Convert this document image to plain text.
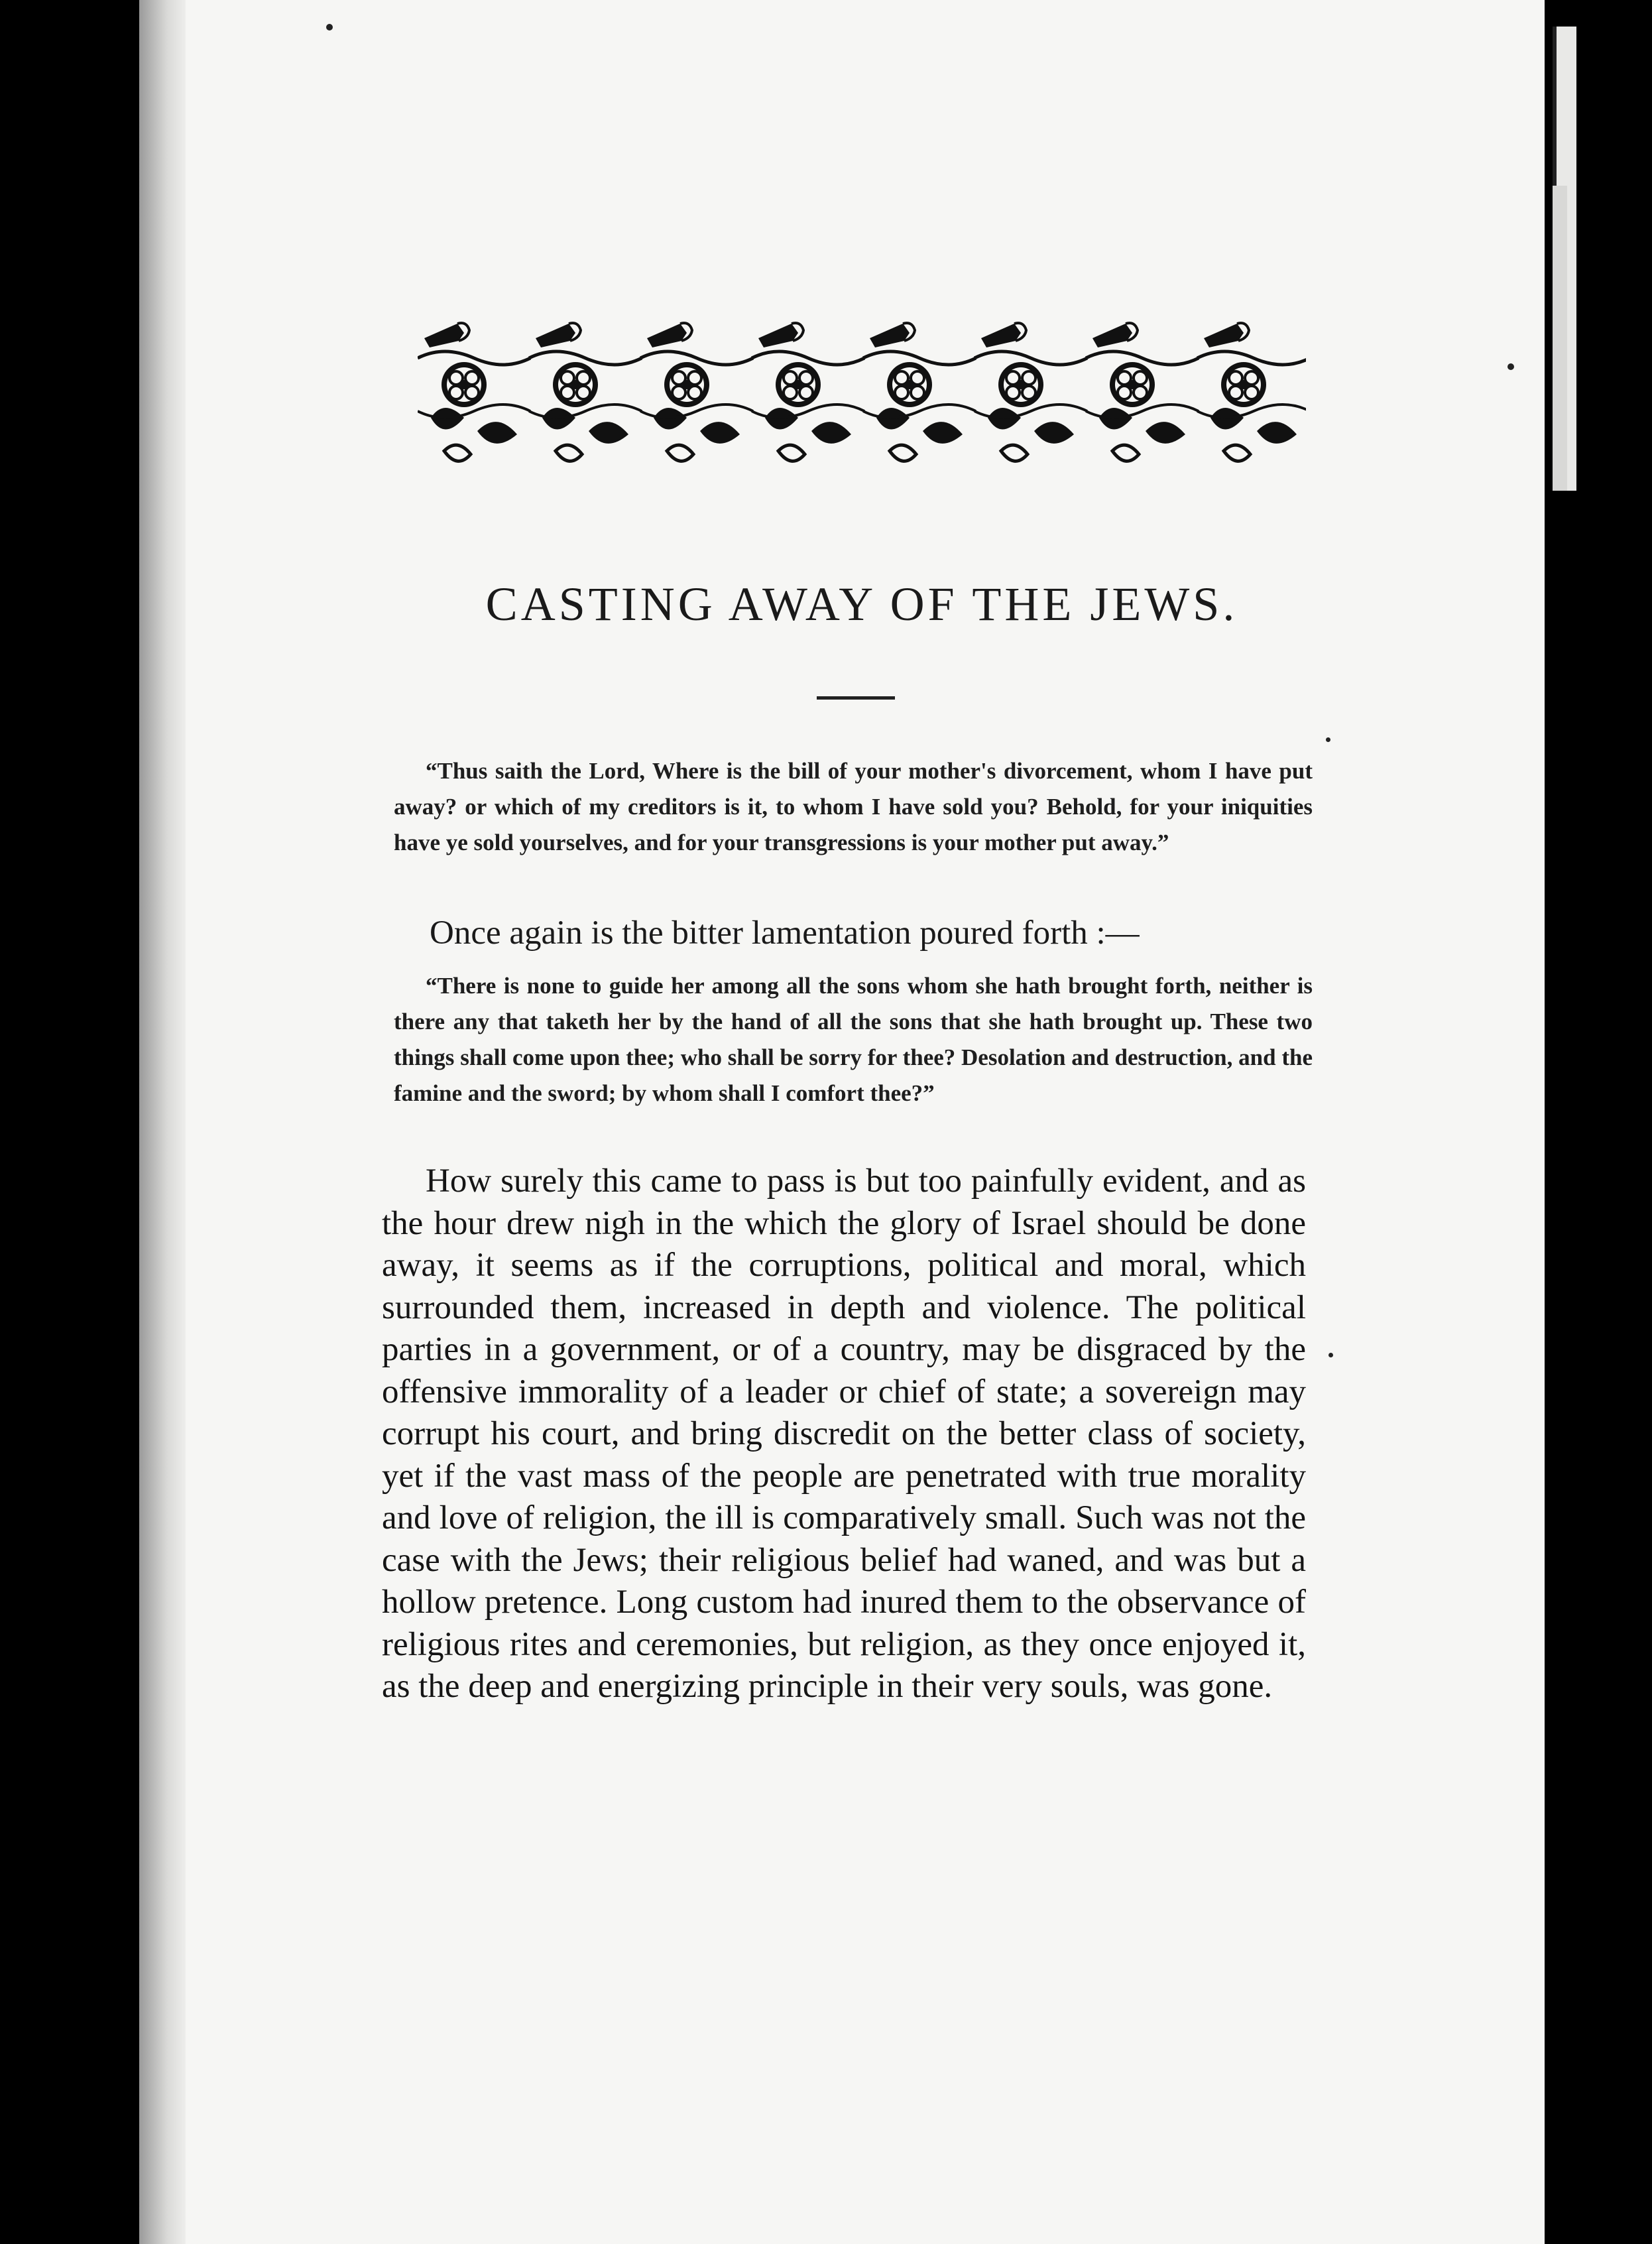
CASTING AWAY OF THE JEWS.

“Thus saith the Lord, Where is the bill of your mother's divorcement, whom I have put away? or which of my creditors is it, to whom I have sold you? Behold, for your iniquities have ye sold yourselves, and for your transgressions is your mother put away.”

Once again is the bitter lamentation poured forth :—

“There is none to guide her among all the sons whom she hath brought forth, neither is there any that taketh her by the hand of all the sons that she hath brought up. These two things shall come upon thee; who shall be sorry for thee? Desolation and destruction, and the famine and the sword; by whom shall I comfort thee?”

How surely this came to pass is but too painfully evident, and as the hour drew nigh in the which the glory of Israel should be done away, it seems as if the corruptions, political and moral, which surrounded them, increased in depth and violence. The political parties in a government, or of a country, may be disgraced by the offensive immorality of a leader or chief of state; a sovereign may corrupt his court, and bring discredit on the better class of society, yet if the vast mass of the people are penetrated with true morality and love of religion, the ill is comparatively small. Such was not the case with the Jews; their religious belief had waned, and was but a hollow pretence. Long custom had inured them to the observance of religious rites and ceremonies, but religion, as they once enjoyed it, as the deep and energizing principle in their very souls, was gone.
